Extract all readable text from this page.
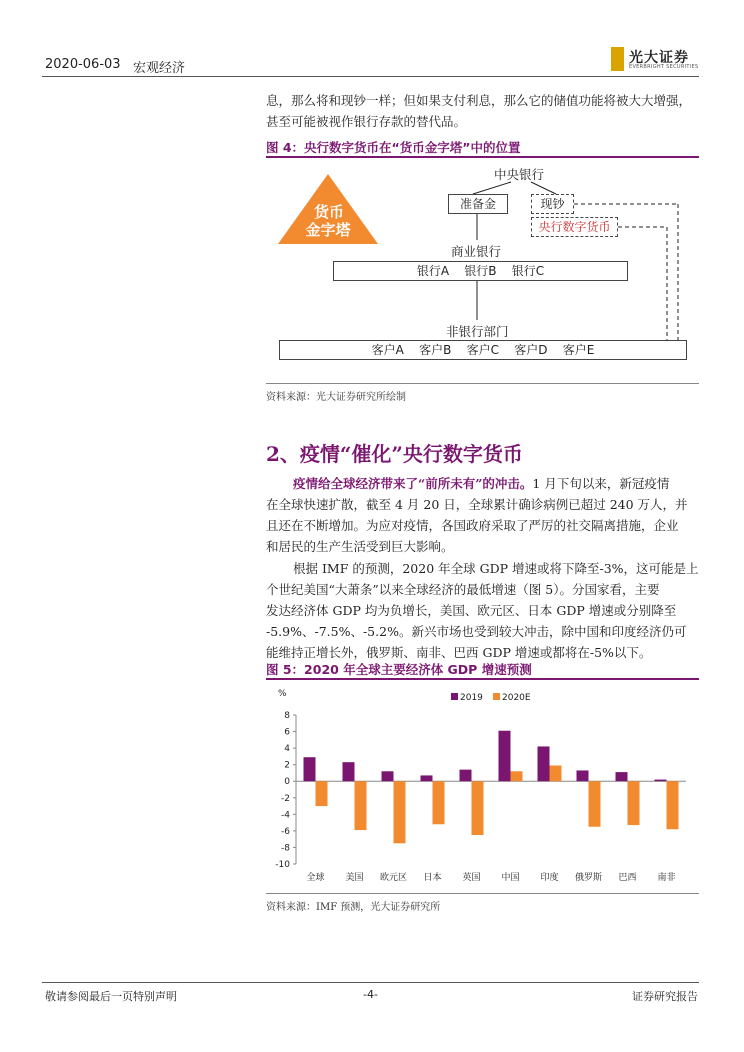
2020-06-03 宏观经济
光大证券
EVERBRIGHT SECURITIES
息，那么将和现钞一样；但如果支付利息，那么它的储值功能将被大大增强，
甚至可能被视作银行存款的替代品。
图 4：央行数字货币在“货币金字塔”中的位置
货币
金字塔
中央银行
准备金	现钞
央行数字货币
商业银行
银行A 银行B 银行C
非银行部门
客户A 客户B 客户C 客户D 客户E
资料来源：光大证券研究所绘制
2、疫情“催化”央行数字货币
疫情给全球经济带来了“前所未有”的冲击。1 月下旬以来，新冠疫情
在全球快速扩散，截至 4 月 20 日，全球累计确诊病例已超过 240 万人，并
且还在不断增加。为应对疫情，各国政府采取了严厉的社交隔离措施，企业
和居民的生产生活受到巨大影响。
根据 IMF 的预测，2020 年全球 GDP 增速或将下降至-3%，这可能是上
个世纪美国“大萧条”以来全球经济的最低增速（图 5）。分国家看，主要
发达经济体 GDP 均为负增长，美国、欧元区、日本 GDP 增速或分别降至
-5.9%、-7.5%、-5.2%。新兴市场也受到较大冲击，除中国和印度经济仍可
能维持正增长外，俄罗斯、南非、巴西 GDP 增速或都将在-5%以下。
图 5：2020 年全球主要经济体 GDP 增速预测
%	2019 2020E
8
6
4
2
0
-2
-4
-6
-8
-10
全球 美国 欧元区 日本 英国 中国 印度 俄罗斯 巴西 南非
资料来源：IMF 预测，光大证券研究所
敬请参阅最后一页特别声明	-4-	证券研究报告
